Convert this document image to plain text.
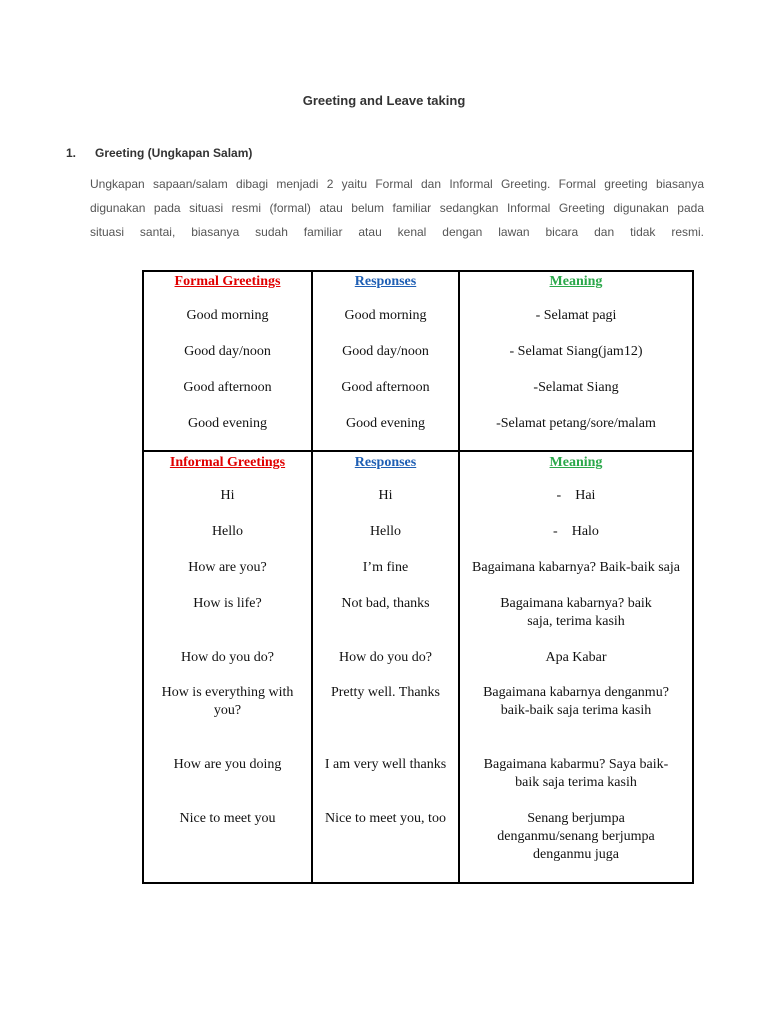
Greeting and Leave taking
1. Greeting (Ungkapan Salam)
Ungkapan sapaan/salam dibagi menjadi 2 yaitu Formal dan Informal Greeting. Formal greeting biasanya
digunakan pada situasi resmi (formal) atau belum familiar sedangkan Informal Greeting digunakan pada
situasi santai, biasanya sudah familiar atau kenal dengan lawan bicara dan tidak resmi.
Formal Greetings	Responses	Meaning
Good morning	Good morning	- Selamat pagi
Good day/noon	Good day/noon	- Selamat Siang(jam12)
Good afternoon	Good afternoon	-Selamat Siang
Good evening	Good evening	-Selamat petang/sore/malam
Informal Greetings	Responses	Meaning
Hi	Hi	-    Hai
Hello	Hello	-    Halo
How are you?	I’m fine	Bagaimana kabarnya? Baik-baik saja
How is life?	Not bad, thanks	Bagaimana kabarnya? baik saja, terima kasih
How do you do?	How do you do?	Apa Kabar
How is everything with you?	Pretty well. Thanks	Bagaimana kabarnya denganmu? baik-baik saja terima kasih
How are you doing	I am very well thanks	Bagaimana kabarmu? Saya baik-baik saja terima kasih
Nice to meet you	Nice to meet you, too	Senang berjumpa denganmu/senang berjumpa denganmu juga
